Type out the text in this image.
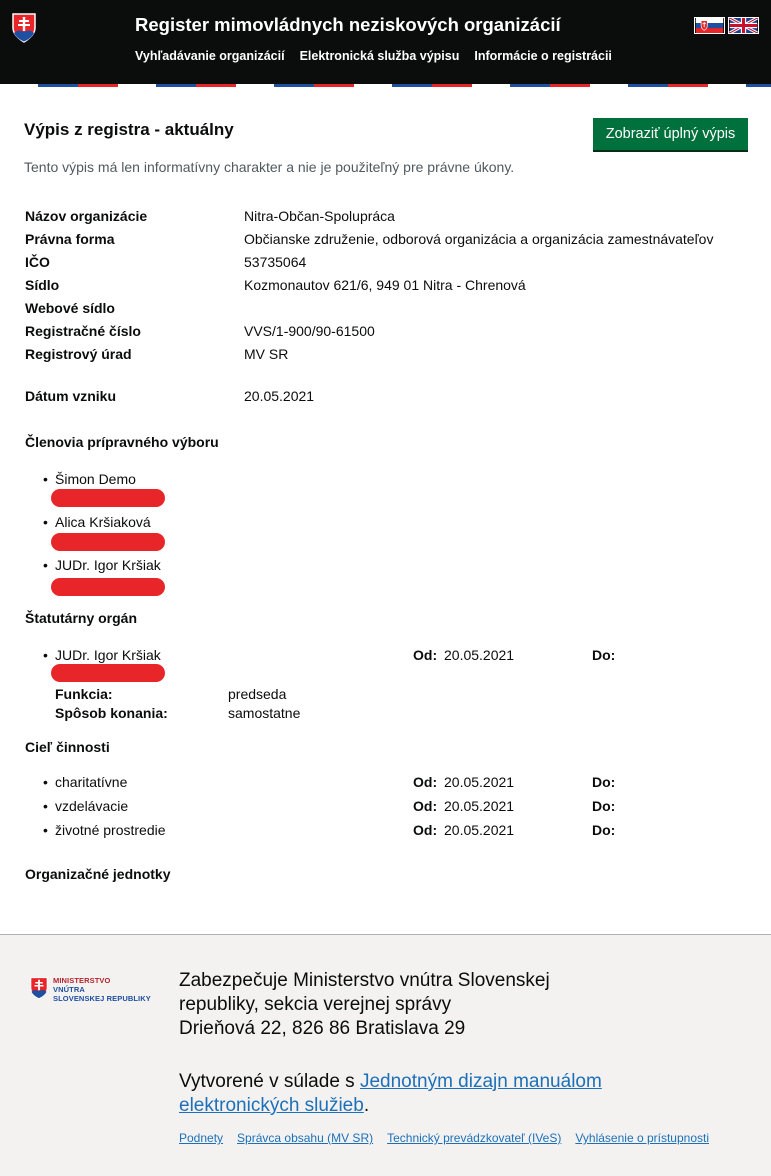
Register mimovládnych neziskových organizácií
Vyhľadávanie organizácií Elektronická služba výpisu Informácie o registrácii
Výpis z registra - aktuálny	Zobraziť úplný výpis

Tento výpis má len informatívny charakter a nie je použiteľný pre právne úkony.

Názov organizácie	Nitra-Občan-Spolupráca
Právna forma	Občianske združenie, odborová organizácia a organizácia zamestnávateľov
IČO	53735064
Sídlo	Kozmonautov 621/6, 949 01 Nitra - Chrenová
Webové sídlo
Registračné číslo	VVS/1-900/90-61500
Registrový úrad	MV SR
Dátum vzniku	20.05.2021
Členovia prípravného výboru
• Šimon Demo
• Alica Kršiaková
• JUDr. Igor Kršiak
Štatutárny orgán
• JUDr. Igor Kršiak	Od: 20.05.2021	Do:
Funkcia:	predseda
Spôsob konania:	samostatne
Cieľ činnosti
• charitatívne	Od: 20.05.2021	Do:
• vzdelávacie	Od: 20.05.2021	Do:
• životné prostredie	Od: 20.05.2021	Do:
Organizačné jednotky
MINISTERSTVO
VNÚTRA
SLOVENSKEJ REPUBLIKY
Zabezpečuje Ministerstvo vnútra Slovenskej republiky, sekcia verejnej správy
Drieňová 22, 826 86 Bratislava 29
Vytvorené v súlade s Jednotným dizajn manuálom elektronických služieb.
Podnety Správca obsahu (MV SR) Technický prevádzkovateľ (IVeS) Vyhlásenie o prístupnosti
